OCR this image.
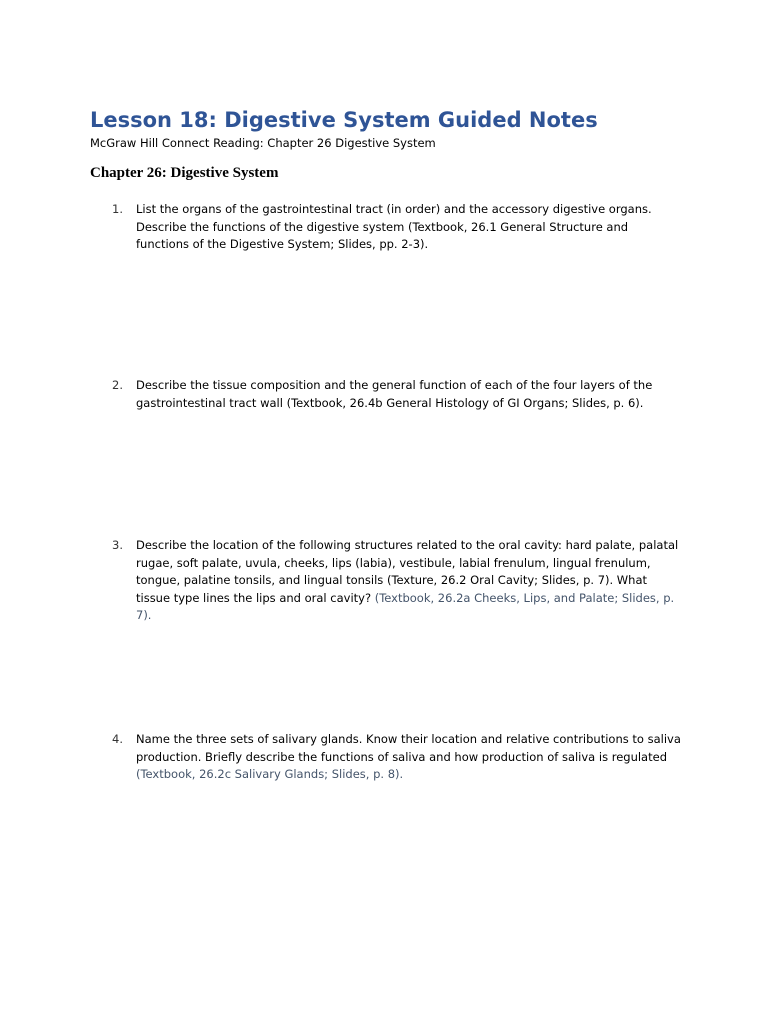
Lesson 18: Digestive System Guided Notes
McGraw Hill Connect Reading: Chapter 26 Digestive System
Chapter 26: Digestive System
1. List the organs of the gastrointestinal tract (in order) and the accessory digestive organs. Describe the functions of the digestive system (Textbook, 26.1 General Structure and functions of the Digestive System; Slides, pp. 2-3).

2. Describe the tissue composition and the general function of each of the four layers of the gastrointestinal tract wall (Textbook, 26.4b General Histology of GI Organs; Slides, p. 6).

3. Describe the location of the following structures related to the oral cavity: hard palate, palatal rugae, soft palate, uvula, cheeks, lips (labia), vestibule, labial frenulum, lingual frenulum, tongue, palatine tonsils, and lingual tonsils (Texture, 26.2 Oral Cavity; Slides, p. 7). What tissue type lines the lips and oral cavity? (Textbook, 26.2a Cheeks, Lips, and Palate; Slides, p. 7).

4. Name the three sets of salivary glands. Know their location and relative contributions to saliva production. Briefly describe the functions of saliva and how production of saliva is regulated (Textbook, 26.2c Salivary Glands; Slides, p. 8).
